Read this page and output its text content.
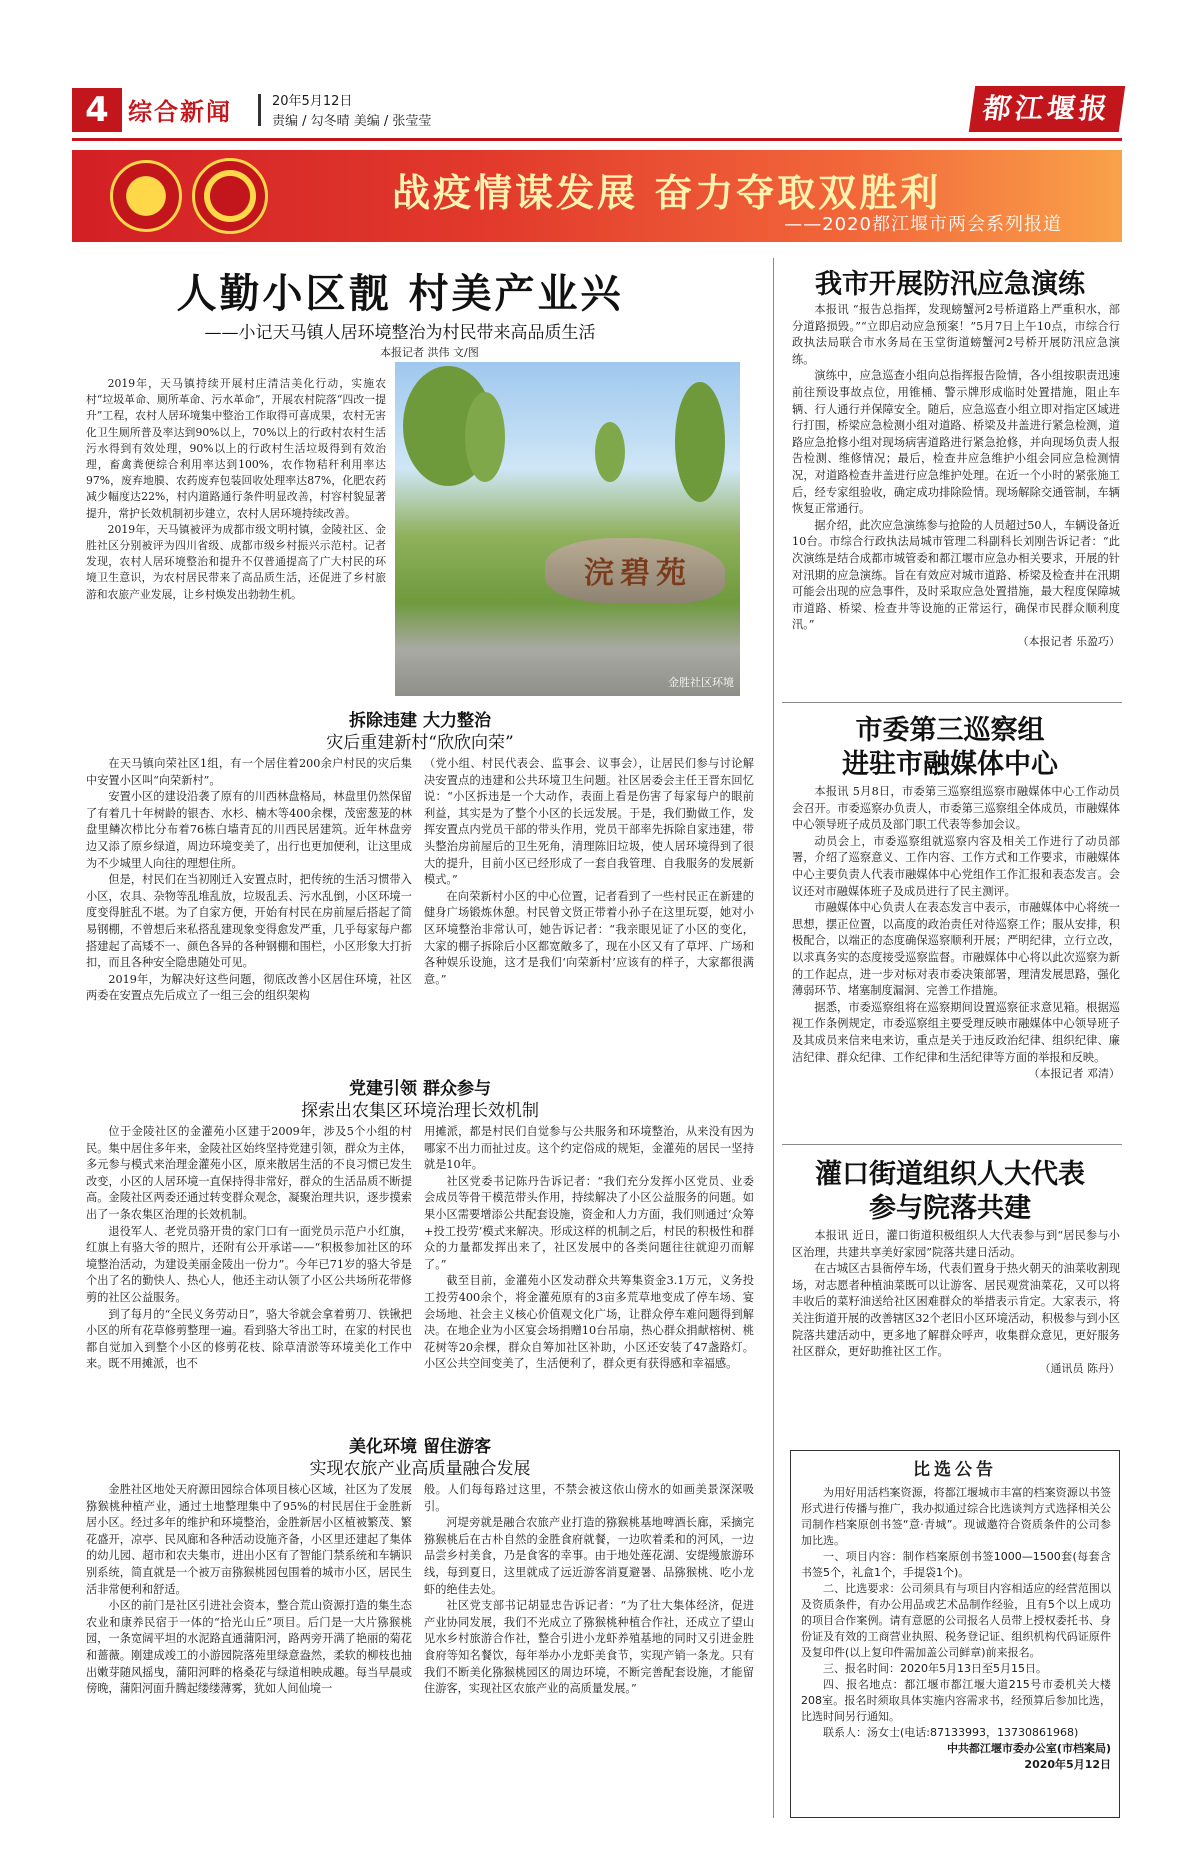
4 综合新闻	20年5月12日
责编 / 勾冬晴 美编 / 张莹莹	都江堰报
战疫情谋发展 奋力夺取双胜利
——2020都江堰市两会系列报道
人勤小区靓 村美产业兴
——小记天马镇人居环境整治为村民带来高品质生活
本报记者 洪伟 文/图

2019年，天马镇持续开展村庄清洁美化行动，实施农村“垃圾革命、厕所革命、污水革命”，开展农村院落“四改一提升”工程，农村人居环境集中整治工作取得可喜成果，农村无害化卫生厕所普及率达到90%以上，70%以上的行政村农村生活污水得到有效处理，90%以上的行政村生活垃圾得到有效治理，畜禽粪便综合利用率达到100%，农作物秸秆利用率达97%，废弃地膜、农药废弃包装回收处理率达87%，化肥农药减少幅度达22%，村内道路通行条件明显改善，村容村貌显著提升，常护长效机制初步建立，农村人居环境持续改善。

2019年，天马镇被评为成都市级文明村镇，金陵社区、金胜社区分别被评为四川省级、成都市级乡村振兴示范村。记者发现，农村人居环境整治和提升不仅普通提高了广大村民的环境卫生意识，为农村居民带来了高品质生活，还促进了乡村旅游和农旅产业发展，让乡村焕发出勃勃生机。

浣碧苑
金胜社区环境
拆除违建 大力整治
灾后重建新村“欣欣向荣”

在天马镇向荣社区1组，有一个居住着200余户村民的灾后集中安置小区叫“向荣新村”。

安置小区的建设沿袭了原有的川西林盘格局，林盘里仍然保留了有着几十年树龄的银杏、水杉、楠木等400余棵，茂密葱茏的林盘里鳞次栉比分布着76栋白墙青瓦的川西民居建筑。近年林盘旁边又添了原乡绿道，周边环境变美了，出行也更加便利，让这里成为不少城里人向往的理想住所。

但是，村民们在当初刚迁入安置点时，把传统的生活习惯带入小区，农具、杂物等乱堆乱放，垃圾乱丢、污水乱倒，小区环境一度变得脏乱不堪。为了自家方便，开始有村民在房前屋后搭起了简易钢棚，不曾想后来私搭乱建现象变得愈发严重，几乎每家每户都搭建起了高矮不一、颜色各异的各种钢棚和围栏，小区形象大打折扣，而且各种安全隐患随处可见。

2019年，为解决好这些问题，彻底改善小区居住环境，社区两委在安置点先后成立了一组三会的组织架构

（党小组、村民代表会、监事会、议事会），让居民们参与讨论解决安置点的违建和公共环境卫生问题。社区居委会主任王晋东回忆说：“小区拆违是一个大动作，表面上看是伤害了每家每户的眼前利益，其实是为了整个小区的长远发展。于是，我们勤做工作，发挥安置点内党员干部的带头作用，党员干部率先拆除自家违建，带头整治房前屋后的卫生死角，清理陈旧垃圾，使人居环境得到了很大的提升，目前小区已经形成了一套自我管理、自我服务的发展新模式。”

在向荣新村小区的中心位置，记者看到了一些村民正在新建的健身广场锻炼休憩。村民曾文贤正带着小孙子在这里玩耍，她对小区环境整治非常认可，她告诉记者：“我亲眼见证了小区的变化，大家的棚子拆除后小区都宽敞多了，现在小区又有了草坪、广场和各种娱乐设施，这才是我们‘向荣新村’应该有的样子，大家都很满意。”

党建引领 群众参与
探索出农集区环境治理长效机制

位于金陵社区的金灌苑小区建于2009年，涉及5个小组的村民。集中居住多年来，金陵社区始终坚持党建引领，群众为主体，多元参与模式来治理金灌苑小区，原来散居生活的不良习惯已发生改变，小区的人居环境一直保持得非常好，群众的生活品质不断提高。金陵社区两委还通过转变群众观念，凝聚治理共识，逐步摸索出了一条农集区治理的长效机制。

退役军人、老党员骆开贵的家门口有一面党员示范户小红旗，红旗上有骆大爷的照片，还附有公开承诺——“积极参加社区的环境整治活动，为建设美丽金陵出一份力”。今年已71岁的骆大爷是个出了名的勤快人、热心人，他还主动认领了小区公共场所花带修剪的社区公益服务。

到了每月的“全民义务劳动日”，骆大爷就会拿着剪刀、铁锹把小区的所有花草修剪整理一遍。看到骆大爷出工时，在家的村民也都自觉加入到整个小区的修剪花枝、除草清淤等环境美化工作中来。既不用摊派，也不

用摊派，都是村民们自觉参与公共服务和环境整治，从来没有因为哪家不出力而扯过皮。这个约定俗成的规矩，金灌苑的居民一坚持就是10年。

社区党委书记陈丹告诉记者：“我们充分发挥小区党员、业委会成员等骨干模范带头作用，持续解决了小区公益服务的问题。如果小区需要增添公共配套设施，资金和人力方面，我们则通过‘众筹+投工投劳’模式来解决。形成这样的机制之后，村民的积极性和群众的力量都发挥出来了，社区发展中的各类问题往往就迎刃而解了。”

截至目前，金灌苑小区发动群众共筹集资金3.1万元，义务投工投劳400余个，将金灌苑原有的3亩多荒草地变成了停车场、宴会场地、社会主义核心价值观文化广场，让群众停车难问题得到解决。在地企业为小区宴会场捐赠10台吊扇，热心群众捐献榕树、桃花树等20余棵，群众自筹加社区补助，小区还安装了47盏路灯。小区公共空间变美了，生活便利了，群众更有获得感和幸福感。

美化环境 留住游客
实现农旅产业高质量融合发展

金胜社区地处天府源田园综合体项目核心区域，社区为了发展猕猴桃种植产业，通过土地整理集中了95%的村民居住于金胜新居小区。经过多年的维护和环境整治，金胜新居小区植被繁茂、繁花盛开，凉亭、民风廊和各种活动设施齐备，小区里还建起了集体的幼儿园、超市和农夫集市，进出小区有了智能门禁系统和车辆识别系统，简直就是一个被万亩猕猴桃园包围着的城市小区，居民生活非常便利和舒适。

小区的前门是社区引进社会资本，整合荒山资源打造的集生态农业和康养民宿于一体的“拾光山丘”项目。后门是一大片猕猴桃园，一条宽阔平坦的水泥路直通蒲阳河，路两旁开满了艳丽的菊花和蔷薇。刚建成竣工的小游园院落苑里绿意盎然，柔软的柳枝也抽出嫩芽随风摇曳，蒲阳河畔的格桑花与绿道相映成趣。每当早晨或傍晚，蒲阳河面升腾起缕缕薄雾，犹如人间仙境一

般。人们每每路过这里，不禁会被这依山傍水的如画美景深深吸引。

河堤旁就是融合农旅产业打造的猕猴桃基地啤酒长廊，采摘完猕猴桃后在古朴自然的金胜食府就餐，一边吹着柔和的河风，一边品尝乡村美食，乃是食客的幸事。由于地处莲花湖、安缇缦旅游环线，每到夏日，这里就成了远近游客消夏避暑、品猕猴桃、吃小龙虾的绝佳去处。

社区党支部书记胡显忠告诉记者：“为了壮大集体经济，促进产业协同发展，我们不光成立了猕猴桃种植合作社，还成立了望山见水乡村旅游合作社，整合引进小龙虾养殖基地的同时又引进金胜食府等知名餐饮，每年举办小龙虾美食节，实现产销一条龙。只有我们不断美化猕猴桃园区的周边环境，不断完善配套设施，才能留住游客，实现社区农旅产业的高质量发展。”

我市开展防汛应急演练

本报讯 “报告总指挥，发现螃蟹河2号桥道路上严重积水，部分道路损毁。”“立即启动应急预案！”5月7日上午10点，市综合行政执法局联合市水务局在玉堂街道螃蟹河2号桥开展防汛应急演练。

演练中，应急巡查小组向总指挥报告险情，各小组按职责迅速前往预设事故点位，用锥桶、警示牌形成临时处置措施，阻止车辆、行人通行并保障安全。随后，应急巡查小组立即对指定区域进行打围，桥梁应急检测小组对道路、桥梁及井盖进行紧急检测，道路应急抢修小组对现场病害道路进行紧急抢修，并向现场负责人报告检测、维修情况；最后，检查井应急维护小组会同应急检测情况，对道路检查井盖进行应急维护处理。在近一个小时的紧张施工后，经专家组验收，确定成功排除险情。现场解除交通管制，车辆恢复正常通行。

据介绍，此次应急演练参与抢险的人员超过50人，车辆设备近10台。市综合行政执法局城市管理二科副科长刘刚告诉记者：“此次演练是结合成都市城管委和都江堰市应急办相关要求，开展的针对汛期的应急演练。旨在有效应对城市道路、桥梁及检查井在汛期可能会出现的应急事件，及时采取应急处置措施，最大程度保障城市道路、桥梁、检查井等设施的正常运行，确保市民群众顺利度汛。”

（本报记者 乐盈巧）
市委第三巡察组
进驻市融媒体中心

本报讯 5月8日，市委第三巡察组巡察市融媒体中心工作动员会召开。市委巡察办负责人，市委第三巡察组全体成员，市融媒体中心领导班子成员及部门职工代表等参加会议。

动员会上，市委巡察组就巡察内容及相关工作进行了动员部署，介绍了巡察意义、工作内容、工作方式和工作要求，市融媒体中心主要负责人代表市融媒体中心党组作工作汇报和表态发言。会议还对市融媒体班子及成员进行了民主测评。

市融媒体中心负责人在表态发言中表示，市融媒体中心将统一思想，摆正位置，以高度的政治责任对待巡察工作；服从安排，积极配合，以端正的态度确保巡察顺利开展；严明纪律，立行立改，以求真务实的态度接受巡察监督。市融媒体中心将以此次巡察为新的工作起点，进一步对标对表市委决策部署，理清发展思路，强化薄弱环节、堵塞制度漏洞、完善工作措施。

据悉，市委巡察组将在巡察期间设置巡察征求意见箱。根据巡视工作条例规定，市委巡察组主要受理反映市融媒体中心领导班子及其成员来信来电来访，重点是关于违反政治纪律、组织纪律、廉洁纪律、群众纪律、工作纪律和生活纪律等方面的举报和反映。

（本报记者 邓清）
灌口街道组织人大代表
参与院落共建

本报讯 近日，灌口街道积极组织人大代表参与到“居民参与小区治理，共建共享美好家园”院落共建日活动。

在古城区古县衙停车场，代表们置身于热火朝天的油菜收割现场，对志愿者种植油菜既可以让游客、居民观赏油菜花，又可以将丰收后的菜籽油送给社区困难群众的举措表示肯定。大家表示，将关注街道开展的改善辖区32个老旧小区环境活动，积极参与到小区院落共建活动中，更多地了解群众呼声，收集群众意见，更好服务社区群众，更好助推社区工作。

（通讯员 陈丹）
比选公告

为用好用活档案资源，将都江堰城市丰富的档案资源以书签形式进行传播与推广，我办拟通过综合比选谈判方式选择相关公司制作档案原创书签“意·青城”。现诚邀符合资质条件的公司参加比选。

一、项目内容：制作档案原创书签1000—1500套(每套含书签5个，礼盒1个，手提袋1个)。

二、比选要求：公司须具有与项目内容相适应的经营范围以及资质条件，有办公用品或艺术品制作经验，且有5个以上成功的项目合作案例。请有意愿的公司报名人员带上授权委托书、身份证及有效的工商营业执照、税务登记证、组织机构代码证原件及复印件(以上复印件需加盖公司鲜章)前来报名。

三、报名时间：2020年5月13日至5月15日。

四、报名地点：都江堰市都江堰大道215号市委机关大楼208室。报名时须取具体实施内容需求书，经预算后参加比选，比选时间另行通知。

联系人：汤女士(电话:87133993，13730861968)

中共都江堰市委办公室(市档案局)

2020年5月12日
